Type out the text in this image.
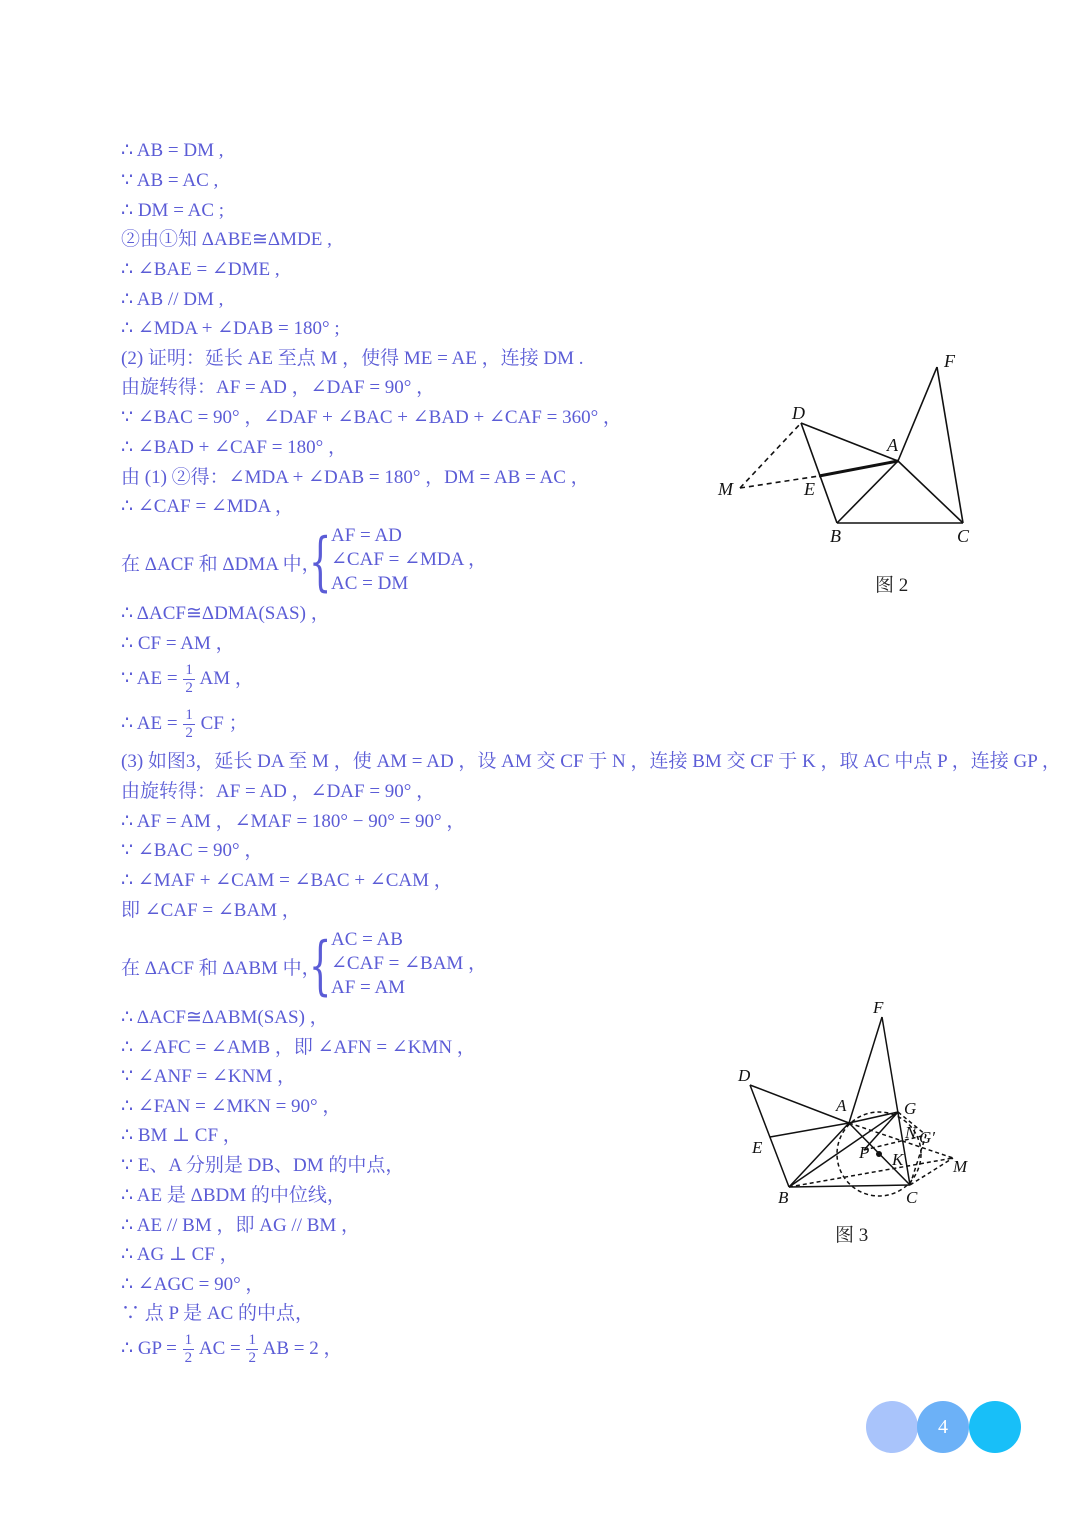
∴ AB = DM ,
∵ AB = AC ,
∴ DM = AC ;
②由①知 ΔABE≅ΔMDE ,
∴ ∠BAE = ∠DME ,
∴ AB // DM ,
∴ ∠MDA + ∠DAB = 180° ;
(2) 证明：延长 AE 至点 M ，使得 ME = AE ，连接 DM .
由旋转得：AF = AD ，∠DAF = 90° ，
∵ ∠BAC = 90° ，∠DAF + ∠BAC + ∠BAD + ∠CAF = 360° ，
∴ ∠BAD + ∠CAF = 180° ，
由 (1) ②得：∠MDA + ∠DAB = 180° ，DM = AB = AC ，
∴ ∠CAF = ∠MDA ，
在 ΔACF 和 ΔDMA 中，
{ AF = AD
∠CAF = ∠MDA ，
AC = DM
∴ ΔACF≅ΔDMA(SAS) ，
∴ CF = AM ，
∵ AE = $\frac{1}{2}$ AM ，
∴ AE = $\frac{1}{2}$ CF ；
(3) 如图3，延长 DA 至 M ，使 AM = AD ，设 AM 交 CF 于 N ，连接 BM 交 CF 于 K ，取 AC 中点 P ，连接 GP ，
由旋转得：AF = AD ，∠DAF = 90° ，
∴ AF = AM ，∠MAF = 180° − 90° = 90° ，
∵ ∠BAC = 90° ，
∴ ∠MAF + ∠CAM = ∠BAC + ∠CAM ，
即 ∠CAF = ∠BAM ，
在 ΔACF 和 ΔABM 中，
{ AC = AB
∠CAF = ∠BAM ，
AF = AM
∴ ΔACF≅ΔABM(SAS) ，
∴ ∠AFC = ∠AMB ，即 ∠AFN = ∠KMN ，
∵ ∠ANF = ∠KNM ，
∴ ∠FAN = ∠MKN = 90° ，
∴ BM ⊥ CF ，
∵ E、A 分别是 DB、DM 的中点，
∴ AE 是 ΔBDM 的中位线，
∴ AE // BM ，即 AG // BM ，
∴ AG ⊥ CF ，
∴ ∠AGC = 90° ，
∵ 点 P 是 AC 的中点，
∴ GP = $\frac{1}{2}$ AC = $\frac{1}{2}$ AB = 2 ，
F
D
A
M	E
B	C
图 2
F
D
A	G
N G′
E	P K	M
B	C
图 3
4
